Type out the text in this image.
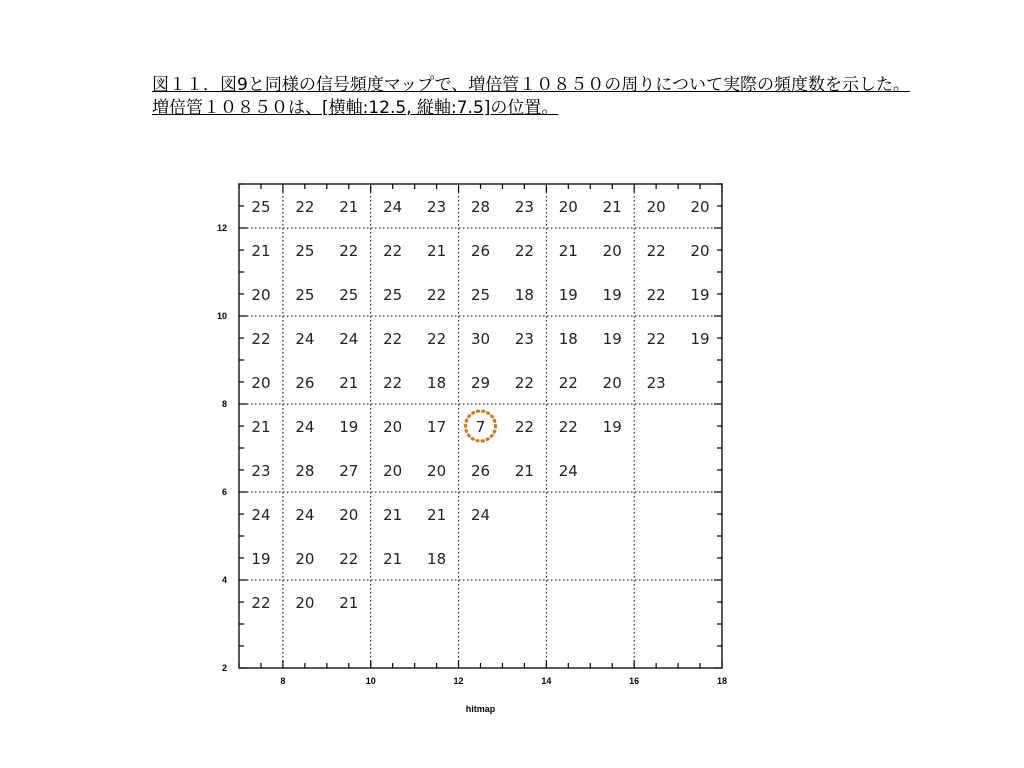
図１１．図9と同様の信号頻度マップで、増倍管１０８５０の周りについて実際の頻度数を示した。
増倍管１０８５０は、[横軸:12.5, 縦軸:7.5]の位置。
8	10	12	14	16	18
2
4
6
8
10
12
hitmap
25 22 21 24 23 28 23 20 21 20 20
21 25 22 22 21 26 22 21 20 22 20
20 25 25 25 22 25 18 19 19 22 19
22 24 24 22 22 30 23 18 19 22 19
20 26 21 22 18 29 22 22 20 23
21 24 19 20 17 7 22 22 19
23 28 27 20 20 26 21 24
24 24 20 21 21 24
19 20 22 21 18
22 20 21
